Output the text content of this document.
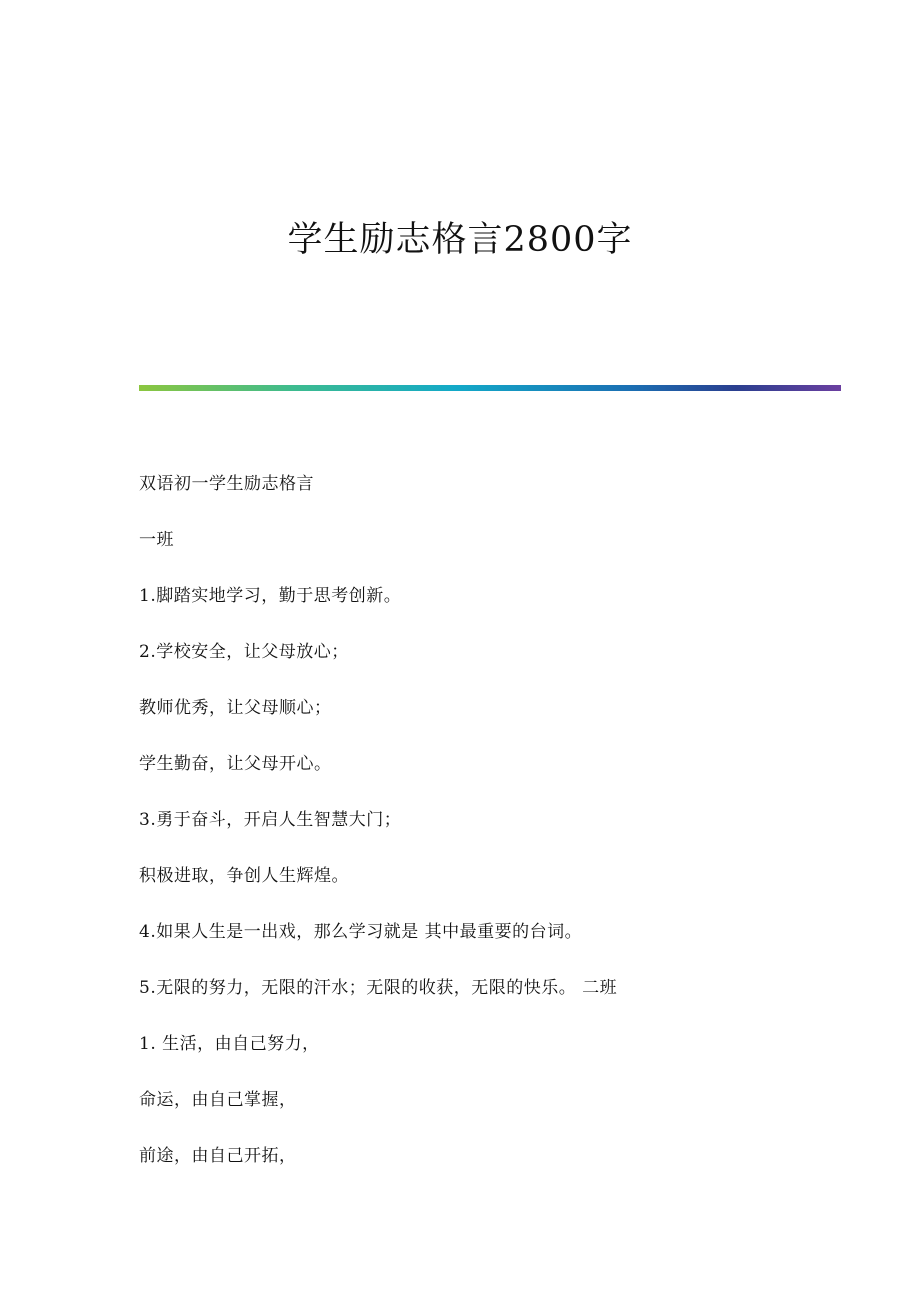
学生励志格言2800字
双语初一学生励志格言
一班
1.脚踏实地学习，勤于思考创新。
2.学校安全，让父母放心；
教师优秀，让父母顺心；
学生勤奋，让父母开心。
3.勇于奋斗，开启人生智慧大门；
积极进取，争创人生辉煌。
4.如果人生是一出戏，那么学习就是 其中最重要的台词。
5.无限的努力，无限的汗水；无限的收获，无限的快乐。 二班
1. 生活，由自己努力，
命运，由自己掌握，
前途，由自己开拓，
